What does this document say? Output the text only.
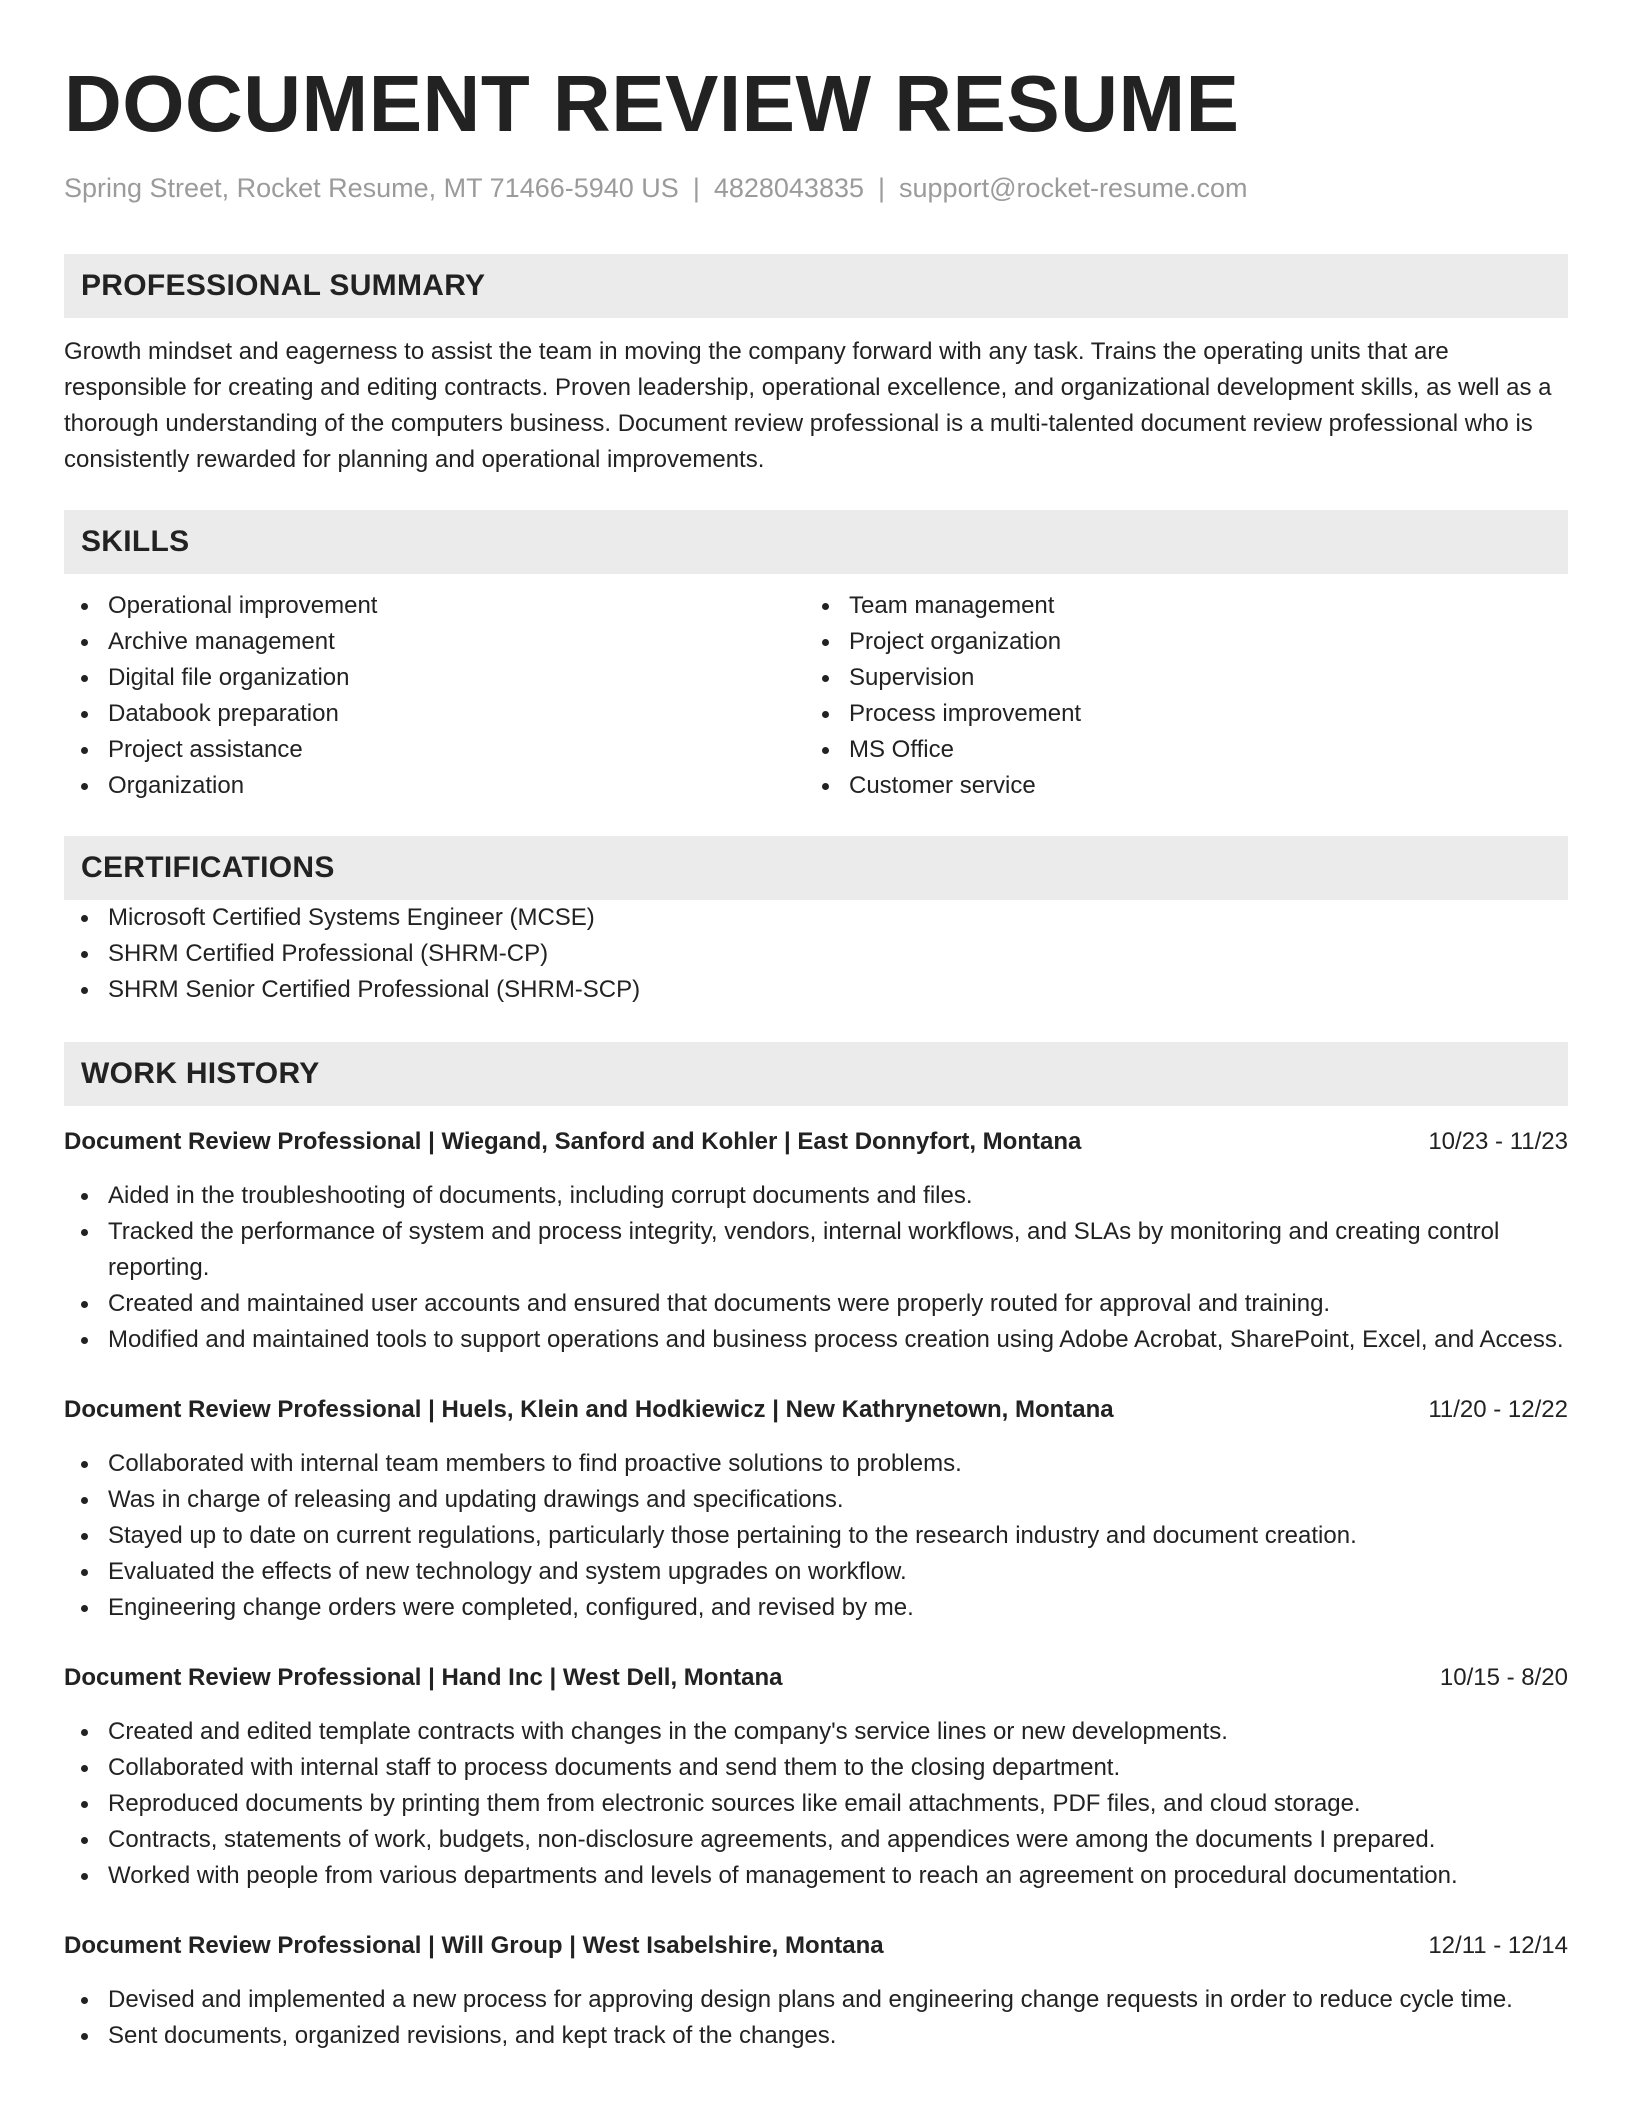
DOCUMENT REVIEW RESUME
Spring Street, Rocket Resume, MT 71466-5940 US | 4828043835 | support@rocket-resume.com
PROFESSIONAL SUMMARY
Growth mindset and eagerness to assist the team in moving the company forward with any task. Trains the operating units that are responsible for creating and editing contracts. Proven leadership, operational excellence, and organizational development skills, as well as a thorough understanding of the computers business. Document review professional is a multi-talented document review professional who is consistently rewarded for planning and operational improvements.
SKILLS
Operational improvement
Archive management
Digital file organization
Databook preparation
Project assistance
Organization
Team management
Project organization
Supervision
Process improvement
MS Office
Customer service
CERTIFICATIONS
Microsoft Certified Systems Engineer (MCSE)
SHRM Certified Professional (SHRM-CP)
SHRM Senior Certified Professional (SHRM-SCP)
WORK HISTORY
Document Review Professional | Wiegand, Sanford and Kohler | East Donnyfort, Montana	10/23 - 11/23
Aided in the troubleshooting of documents, including corrupt documents and files.
Tracked the performance of system and process integrity, vendors, internal workflows, and SLAs by monitoring and creating control reporting.
Created and maintained user accounts and ensured that documents were properly routed for approval and training.
Modified and maintained tools to support operations and business process creation using Adobe Acrobat, SharePoint, Excel, and Access.
Document Review Professional | Huels, Klein and Hodkiewicz | New Kathrynetown, Montana	11/20 - 12/22
Collaborated with internal team members to find proactive solutions to problems.
Was in charge of releasing and updating drawings and specifications.
Stayed up to date on current regulations, particularly those pertaining to the research industry and document creation.
Evaluated the effects of new technology and system upgrades on workflow.
Engineering change orders were completed, configured, and revised by me.
Document Review Professional | Hand Inc | West Dell, Montana	10/15 - 8/20
Created and edited template contracts with changes in the company's service lines or new developments.
Collaborated with internal staff to process documents and send them to the closing department.
Reproduced documents by printing them from electronic sources like email attachments, PDF files, and cloud storage.
Contracts, statements of work, budgets, non-disclosure agreements, and appendices were among the documents I prepared.
Worked with people from various departments and levels of management to reach an agreement on procedural documentation.
Document Review Professional | Will Group | West Isabelshire, Montana	12/11 - 12/14
Devised and implemented a new process for approving design plans and engineering change requests in order to reduce cycle time.
Sent documents, organized revisions, and kept track of the changes.
